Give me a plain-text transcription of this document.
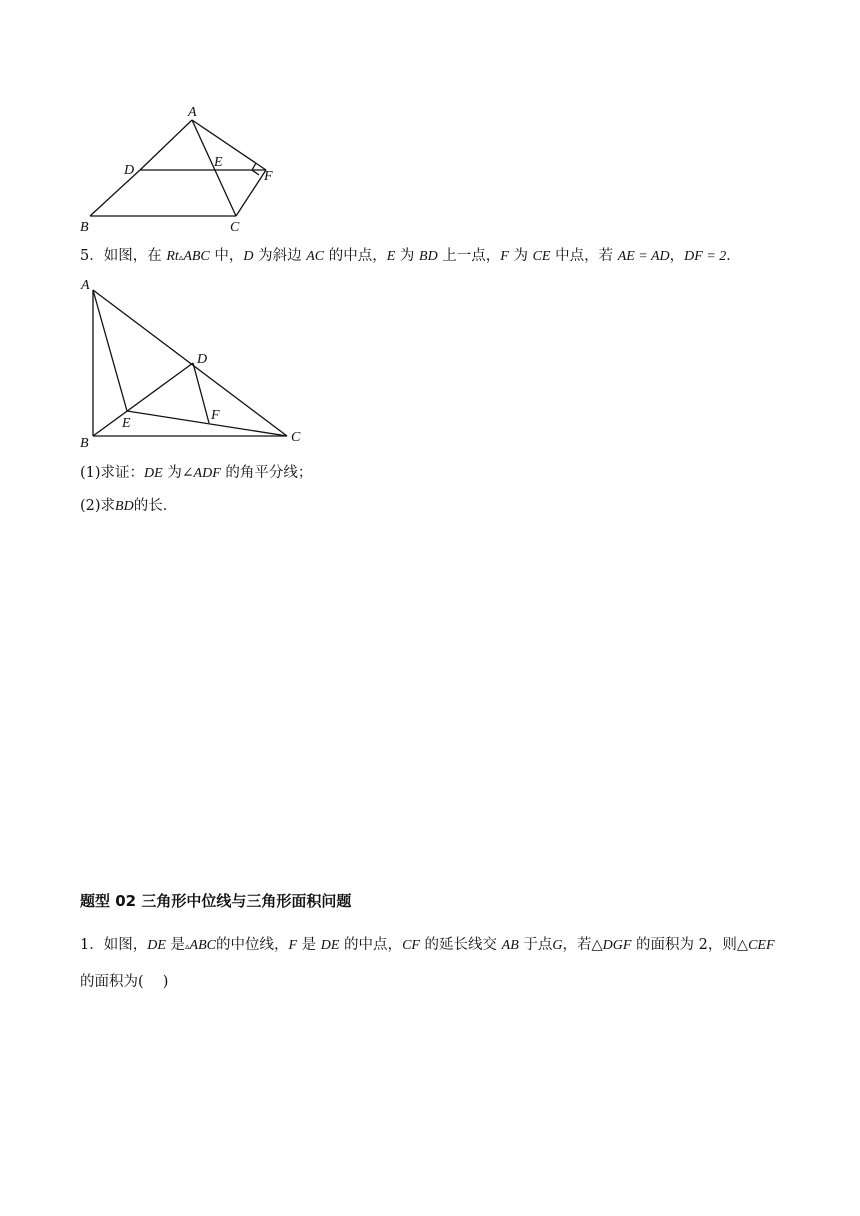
A
D
E
F
B	C
5．如图，在 Rt▵ABC 中，D 为斜边 AC 的中点，E 为 BD 上一点，F 为 CE 中点，若 AE = AD，DF = 2．
A
D
E
F
B	C
(1)求证：DE 为∠ADF 的角平分线；
(2)求BD的长．
题型 02 三角形中位线与三角形面积问题
1．如图，DE 是▵ABC的中位线，F 是 DE 的中点，CF 的延长线交 AB 于点G，若△DGF 的面积为 2，则△CEF 的面积为(　 )
